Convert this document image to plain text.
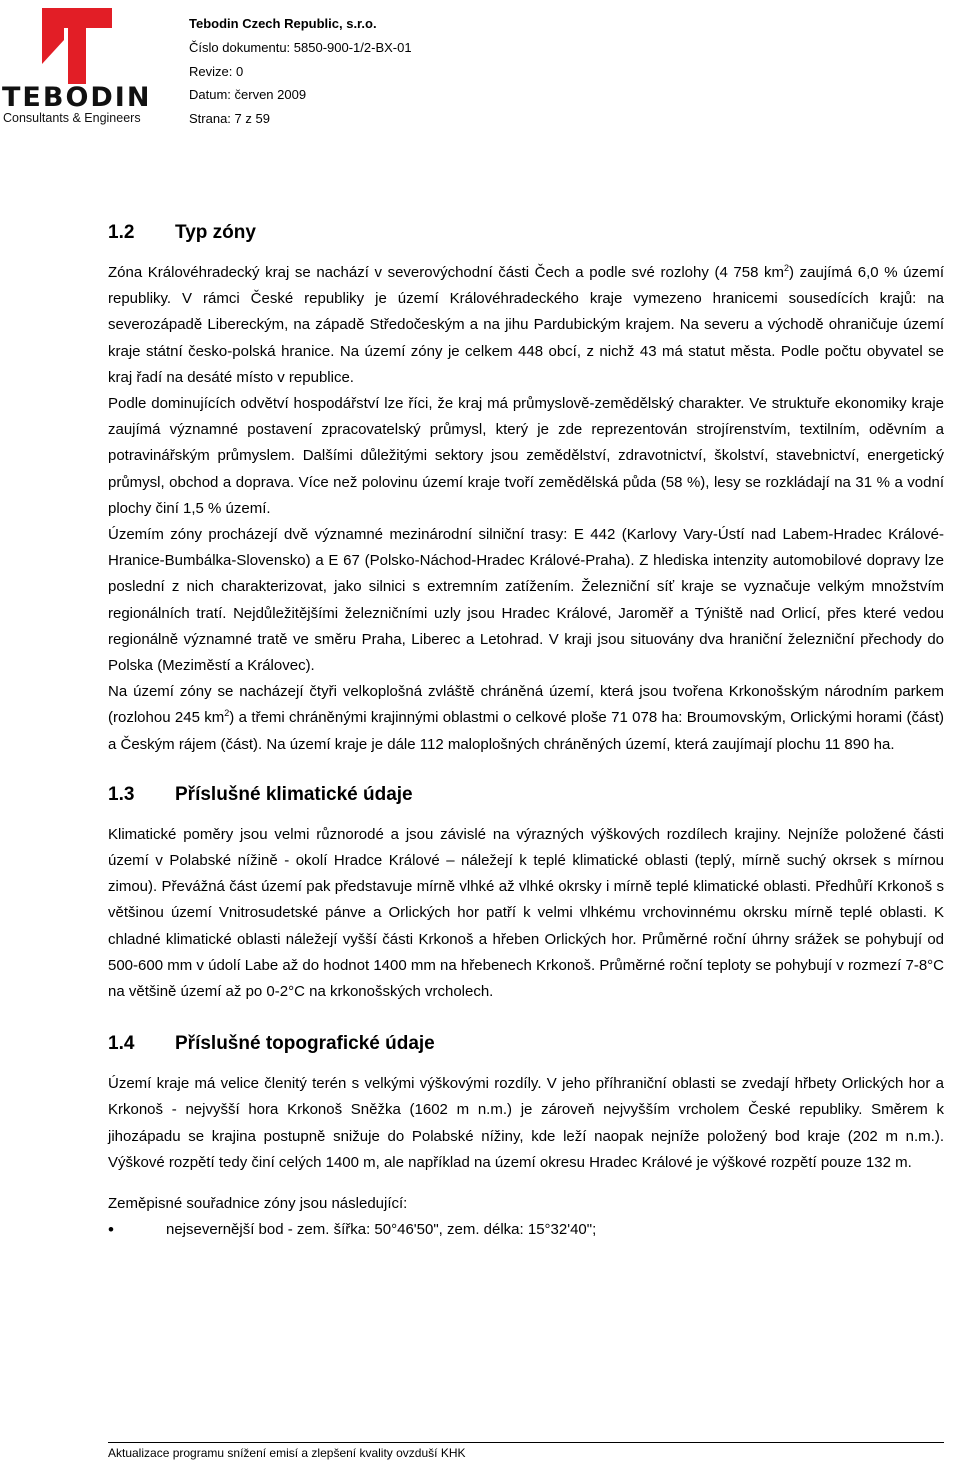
TEBODIN
Consultants & Engineers
Tebodin Czech Republic, s.r.o.
Číslo dokumentu: 5850-900-1/2-BX-01
Revize: 0
Datum: červen 2009
Strana: 7 z 59
1.2 Typ zóny

Zóna Královéhradecký kraj se nachází v severovýchodní části Čech a podle své rozlohy (4 758 $km^2$) zaujímá 6,0 % území republiky. V rámci České republiky je území Královéhradeckého kraje vymezeno hranicemi sousedících krajů: na severozápadě Libereckým, na západě Středočeským a na jihu Pardubickým krajem. Na severu a východě ohraničuje území kraje státní česko-polská hranice. Na území zóny je celkem 448 obcí, z nichž 43 má statut města. Podle počtu obyvatel se kraj řadí na desáté místo v republice.

Podle dominujících odvětví hospodářství lze říci, že kraj má průmyslově-zemědělský charakter. Ve struktuře ekonomiky kraje zaujímá významné postavení zpracovatelský průmysl, který je zde reprezentován strojírenstvím, textilním, oděvním a potravinářským průmyslem. Dalšími důležitými sektory jsou zemědělství, zdravotnictví, školství, stavebnictví, energetický průmysl, obchod a doprava. Více než polovinu území kraje tvoří zemědělská půda (58 %), lesy se rozkládají na 31 % a vodní plochy činí 1,5 % území.

Územím zóny procházejí dvě významné mezinárodní silniční trasy: E 442 (Karlovy Vary-Ústí nad Labem-Hradec Králové-Hranice-Bumbálka-Slovensko) a E 67 (Polsko-Náchod-Hradec Králové-Praha). Z hlediska intenzity automobilové dopravy lze poslední z nich charakterizovat, jako silnici s extremním zatížením. Železniční síť kraje se vyznačuje velkým množstvím regionálních tratí. Nejdůležitějšími železničními uzly jsou Hradec Králové, Jaroměř a Týniště nad Orlicí, přes které vedou regionálně významné tratě ve směru Praha, Liberec a Letohrad. V kraji jsou situovány dva hraniční železniční přechody do Polska (Meziměstí a Královec).

Na území zóny se nacházejí čtyři velkoplošná zvláště chráněná území, která jsou tvořena Krkonošským národním parkem (rozlohou 245 $km^2$) a třemi chráněnými krajinnými oblastmi o celkové ploše 71 078 ha: Broumovským, Orlickými horami (část) a Českým rájem (část). Na území kraje je dále 112 maloplošných chráněných území, která zaujímají plochu 11 890 ha.

1.3 Příslušné klimatické údaje

Klimatické poměry jsou velmi různorodé a jsou závislé na výrazných výškových rozdílech krajiny. Nejníže položené části území v Polabské nížině - okolí Hradce Králové – náležejí k teplé klimatické oblasti (teplý, mírně suchý okrsek s mírnou zimou). Převážná část území pak představuje mírně vlhké až vlhké okrsky i mírně teplé klimatické oblasti. Předhůří Krkonoš s většinou území Vnitrosudetské pánve a Orlických hor patří k velmi vlhkému vrchovinnému okrsku mírně teplé oblasti. K chladné klimatické oblasti náležejí vyšší části Krkonoš a hřeben Orlických hor. Průměrné roční úhrny srážek se pohybují od 500-600 mm v údolí Labe až do hodnot 1400 mm na hřebenech Krkonoš. Průměrné roční teploty se pohybují v rozmezí 7-8°C na většině území až po 0-2°C na krkonošských vrcholech.

1.4 Příslušné topografické údaje

Území kraje má velice členitý terén s velkými výškovými rozdíly. V jeho příhraniční oblasti se zvedají hřbety Orlických hor a Krkonoš - nejvyšší hora Krkonoš Sněžka (1602 m n.m.) je zároveň nejvyšším vrcholem České republiky. Směrem k jihozápadu se krajina postupně snižuje do Polabské nížiny, kde leží naopak nejníže položený bod kraje (202 m n.m.). Výškové rozpětí tedy činí celých 1400 m, ale například na území okresu Hradec Králové je výškové rozpětí pouze 132 m.

Zeměpisné souřadnice zóny jsou následující:

• nejsevernější bod - zem. šířka: 50°46'50", zem. délka: 15°32'40";
Aktualizace programu snížení emisí a zlepšení kvality ovzduší KHK
